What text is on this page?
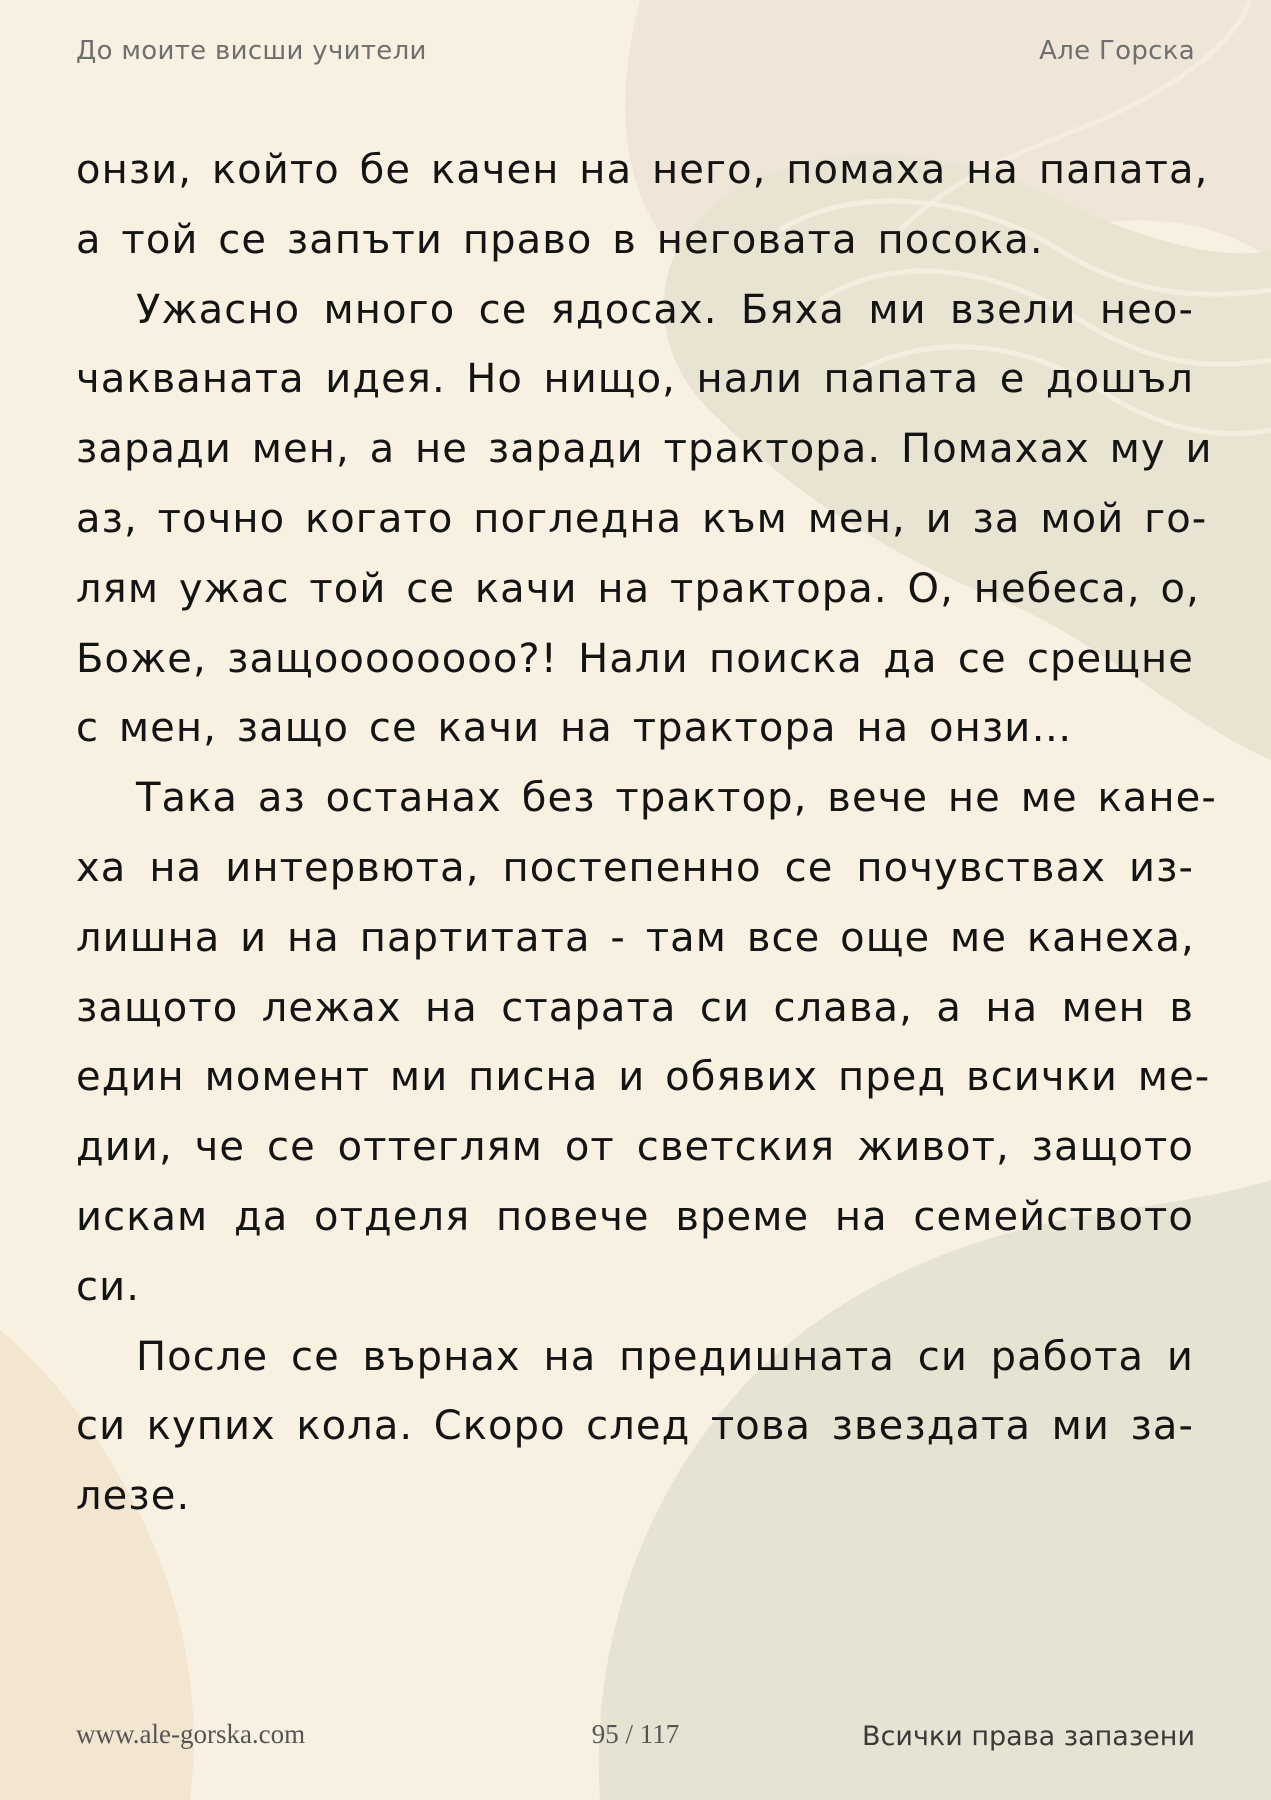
До моите висши учители	Але Горска
онзи, който бе качен на него, помаха на папата,
а той се запъти право в неговата посока.
Ужасно много се ядосах. Бяха ми взели нео-
чакваната идея. Но нищо, нали папата е дошъл
заради мен, а не заради трактора. Помахах му и
аз, точно когато погледна към мен, и за мой го-
лям ужас той се качи на трактора. О, небеса, о,
Боже, защоооооооо?! Нали поиска да се срещне
с мен, защо се качи на трактора на онзи…
Така аз останах без трактор, вече не ме кане-
ха на интервюта, постепенно се почувствах из-
лишна и на партитата - там все още ме канеха,
защото лежах на старата си слава, а на мен в
един момент ми писна и обявих пред всички ме-
дии, че се оттеглям от светския живот, защото
искам да отделя повече време на семейството
си.
После се върнах на предишната си работа и
си купих кола. Скоро след това звездата ми за-
лезе.
www.ale-gorska.com	95 / 117	Всички права запазени
